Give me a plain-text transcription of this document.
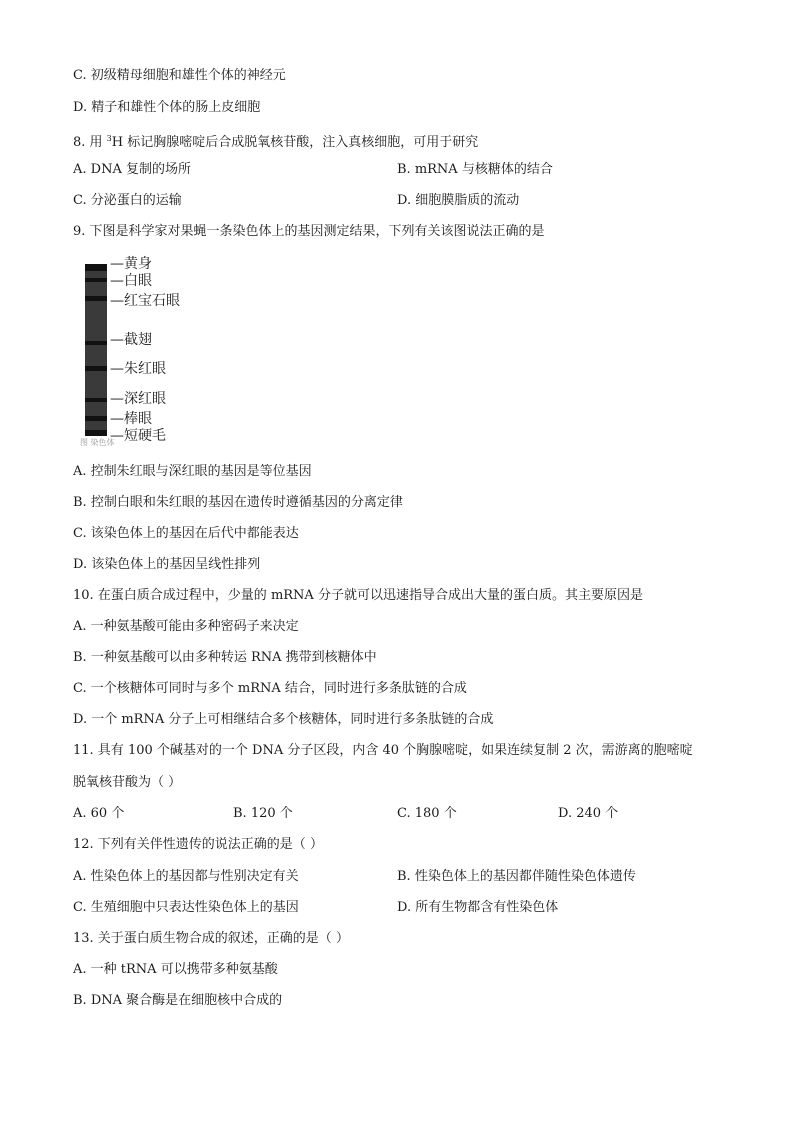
C. 初级精母细胞和雄性个体的神经元
D. 精子和雄性个体的肠上皮细胞
8. 用 $^3$H 标记胸腺嘧啶后合成脱氧核苷酸，注入真核细胞，可用于研究
A. DNA 复制的场所	B. mRNA 与核糖体的结合
C. 分泌蛋白的运输	D. 细胞膜脂质的流动
9. 下图是科学家对果蝇一条染色体上的基因测定结果，下列有关该图说法正确的是
—黄身
—白眼
—红宝石眼
—截翅
—朱红眼
—深红眼
—棒眼
—短硬毛
图 染色体
A. 控制朱红眼与深红眼的基因是等位基因
B. 控制白眼和朱红眼的基因在遗传时遵循基因的分离定律
C. 该染色体上的基因在后代中都能表达
D. 该染色体上的基因呈线性排列
10. 在蛋白质合成过程中，少量的 mRNA 分子就可以迅速指导合成出大量的蛋白质。其主要原因是
A. 一种氨基酸可能由多种密码子来决定
B. 一种氨基酸可以由多种转运 RNA 携带到核糖体中
C. 一个核糖体可同时与多个 mRNA 结合，同时进行多条肽链的合成
D. 一个 mRNA 分子上可相继结合多个核糖体，同时进行多条肽链的合成
11. 具有 100 个碱基对的一个 DNA 分子区段，内含 40 个胸腺嘧啶，如果连续复制 2 次，需游离的胞嘧啶
脱氧核苷酸为（ ）
A. 60 个	B. 120 个	C. 180 个	D. 240 个
12. 下列有关伴性遗传的说法正确的是（ ）
A. 性染色体上的基因都与性别决定有关	B. 性染色体上的基因都伴随性染色体遗传
C. 生殖细胞中只表达性染色体上的基因	D. 所有生物都含有性染色体
13. 关于蛋白质生物合成的叙述，正确的是（ ）
A. 一种 tRNA 可以携带多种氨基酸
B. DNA 聚合酶是在细胞核中合成的
